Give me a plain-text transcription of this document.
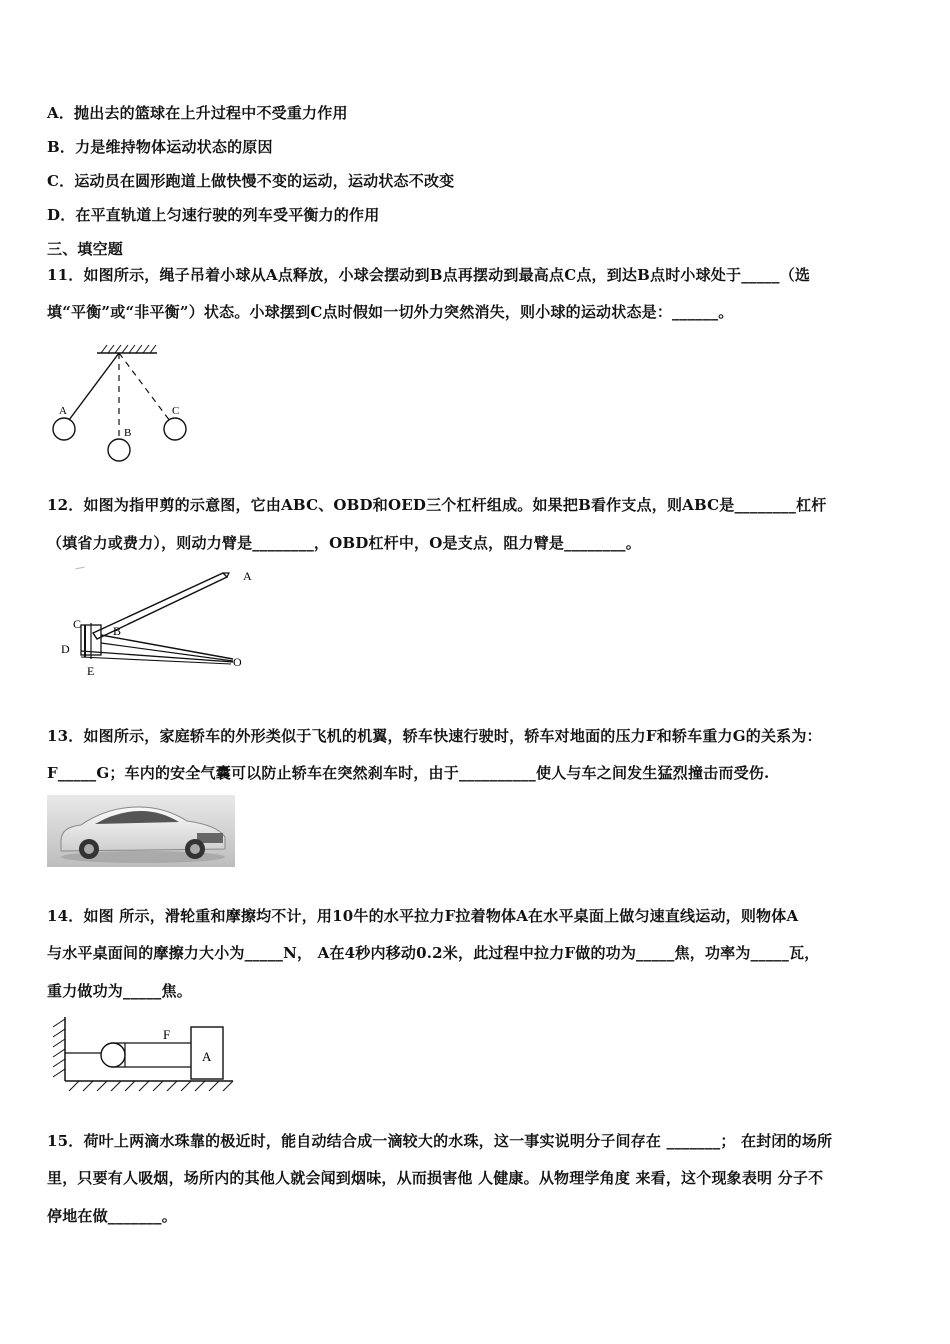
A．抛出去的篮球在上升过程中不受重力作用
B．力是维持物体运动状态的原因
C．运动员在圆形跑道上做快慢不变的运动，运动状态不改变
D．在平直轨道上匀速行驶的列车受平衡力的作用
三、填空题
11．如图所示，绳子吊着小球从A点释放，小球会摆动到B点再摆动到最高点C点，到达B点时小球处于_____（选
填“平衡”或“非平衡”）状态。小球摆到C点时假如一切外力突然消失，则小球的运动状态是：______。
A
B
C
12．如图为指甲剪的示意图，它由ABC、OBD和OED三个杠杆组成。如果把B看作支点，则ABC是________杠杆
（填省力或费力），则动力臂是________，OBD杠杆中，O是支点，阻力臂是________。
A
B
C
D
E
O
13．如图所示，家庭轿车的外形类似于飞机的机翼，轿车快速行驶时，轿车对地面的压力F和轿车重力G的关系为：
F_____G；车内的安全气囊可以防止轿车在突然刹车时，由于__________使人与车之间发生猛烈撞击而受伤.
14．如图 所示，滑轮重和摩擦均不计，用10牛的水平拉力F拉着物体A在水平桌面上做匀速直线运动，则物体A
与水平桌面间的摩擦力大小为_____N， A在4秒内移动0.2米，此过程中拉力F做的功为_____焦，功率为_____瓦，
重力做功为_____焦。
F
A
15．荷叶上两滴水珠靠的极近时，能自动结合成一滴较大的水珠，这一事实说明分子间存在 _______； 在封闭的场所
里，只要有人吸烟，场所内的其他人就会闻到烟味，从而损害他 人健康。从物理学角度 来看，这个现象表明 分子不
停地在做_______。
